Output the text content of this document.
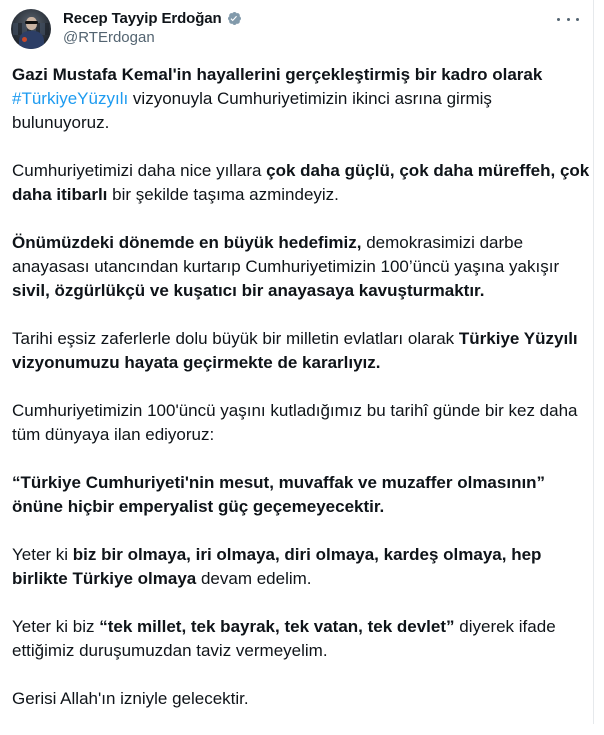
Recep Tayyip Erdoğan
@RTErdogan

Gazi Mustafa Kemal'in hayallerini gerçekleştirmiş bir kadro olarak #TürkiyeYüzyılı vizyonuyla Cumhuriyetimizin ikinci asrına girmiş bulunuyoruz.

Cumhuriyetimizi daha nice yıllara çok daha güçlü, çok daha müreffeh, çok daha itibarlı bir şekilde taşıma azmindeyiz.

Önümüzdeki dönemde en büyük hedefimiz, demokrasimizi darbe anayasası utancından kurtarıp Cumhuriyetimizin 100’üncü yaşına yakışır sivil, özgürlükçü ve kuşatıcı bir anayasaya kavuşturmaktır.

Tarihi eşsiz zaferlerle dolu büyük bir milletin evlatları olarak Türkiye Yüzyılı vizyonumuzu hayata geçirmekte de kararlıyız.

Cumhuriyetimizin 100'üncü yaşını kutladığımız bu tarihî günde bir kez daha tüm dünyaya ilan ediyoruz:

“Türkiye Cumhuriyeti'nin mesut, muvaffak ve muzaffer olmasının” önüne hiçbir emperyalist güç geçemeyecektir.

Yeter ki biz bir olmaya, iri olmaya, diri olmaya, kardeş olmaya, hep birlikte Türkiye olmaya devam edelim.

Yeter ki biz “tek millet, tek bayrak, tek vatan, tek devlet” diyerek ifade ettiğimiz duruşumuzdan taviz vermeyelim.

Gerisi Allah'ın izniyle gelecektir.
